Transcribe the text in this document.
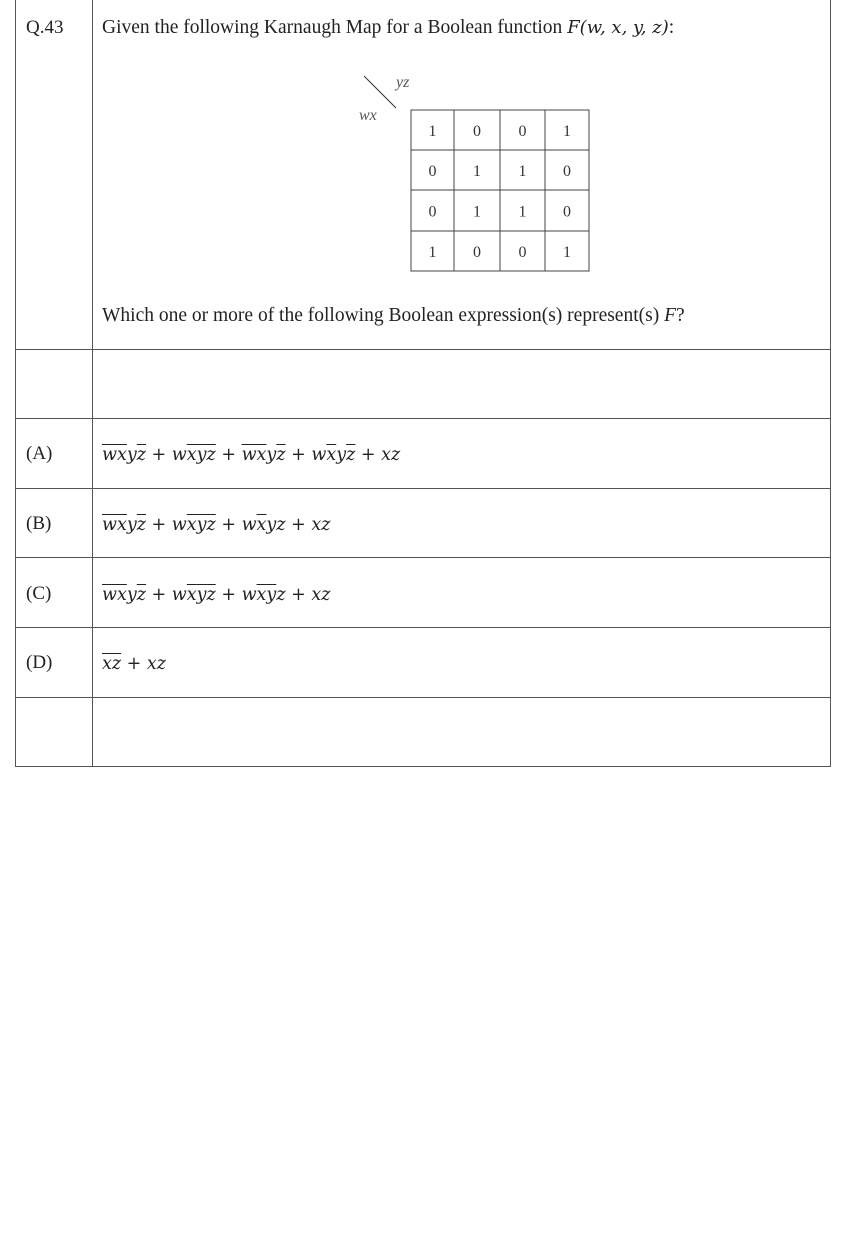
Q.43 Given the following Karnaugh Map for a Boolean function F(w, x, y, z):
yz
wx
1 0 0 1
0 1 1 0
0 1 1 0
1 0 0 1
Which one or more of the following Boolean expression(s) represent(s) F?
(A)	$\overline{w}\overline{x}y\overline{z} + w\overline{x}\overline{y}\overline{z} + \overline{w}\overline{x}y\overline{z} + w\overline{x}y\overline{z}$ + xz
(B)	$\overline{w}\overline{x}y\overline{z} + w\overline{x}\overline{y}\overline{z} + w\overline{x}yz$ + xz
(C)	$\overline{w}\overline{x}y\overline{z} + w\overline{x}\overline{y}\overline{z} + w\overline{x}\overline{y}z$ + xz
(D)	$\overline{x}\overline{z}$ + xz
